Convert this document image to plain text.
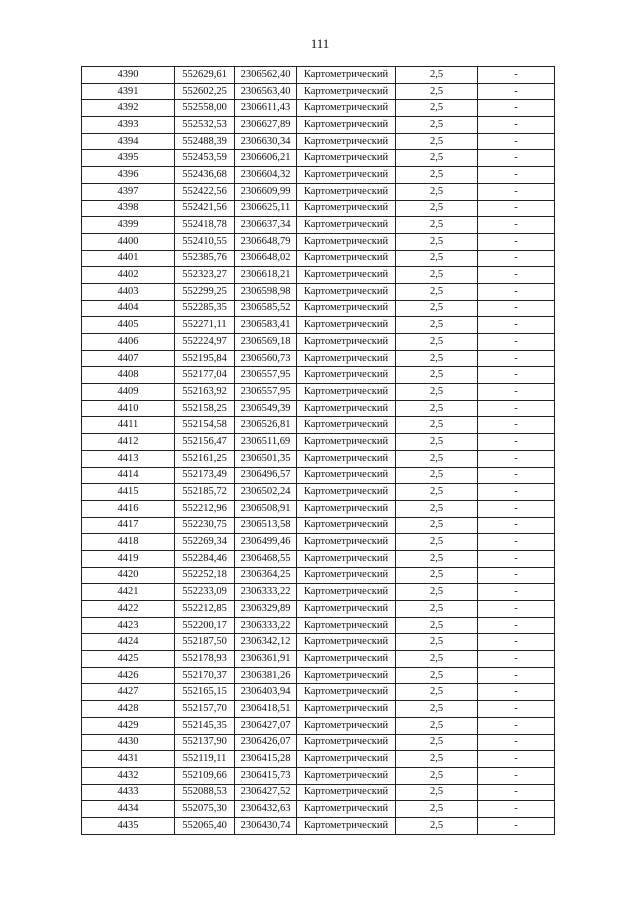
111
4390	552629,61	2306562,40	Картометрический	2,5	-
4391	552602,25	2306563,40	Картометрический	2,5	-
4392	552558,00	2306611,43	Картометрический	2,5	-
4393	552532,53	2306627,89	Картометрический	2,5	-
4394	552488,39	2306630,34	Картометрический	2,5	-
4395	552453,59	2306606,21	Картометрический	2,5	-
4396	552436,68	2306604,32	Картометрический	2,5	-
4397	552422,56	2306609,99	Картометрический	2,5	-
4398	552421,56	2306625,11	Картометрический	2,5	-
4399	552418,78	2306637,34	Картометрический	2,5	-
4400	552410,55	2306648,79	Картометрический	2,5	-
4401	552385,76	2306648,02	Картометрический	2,5	-
4402	552323,27	2306618,21	Картометрический	2,5	-
4403	552299,25	2306598,98	Картометрический	2,5	-
4404	552285,35	2306585,52	Картометрический	2,5	-
4405	552271,11	2306583,41	Картометрический	2,5	-
4406	552224,97	2306569,18	Картометрический	2,5	-
4407	552195,84	2306560,73	Картометрический	2,5	-
4408	552177,04	2306557,95	Картометрический	2,5	-
4409	552163,92	2306557,95	Картометрический	2,5	-
4410	552158,25	2306549,39	Картометрический	2,5	-
4411	552154,58	2306526,81	Картометрический	2,5	-
4412	552156,47	2306511,69	Картометрический	2,5	-
4413	552161,25	2306501,35	Картометрический	2,5	-
4414	552173,49	2306496,57	Картометрический	2,5	-
4415	552185,72	2306502,24	Картометрический	2,5	-
4416	552212,96	2306508,91	Картометрический	2,5	-
4417	552230,75	2306513,58	Картометрический	2,5	-
4418	552269,34	2306499,46	Картометрический	2,5	-
4419	552284,46	2306468,55	Картометрический	2,5	-
4420	552252,18	2306364,25	Картометрический	2,5	-
4421	552233,09	2306333,22	Картометрический	2,5	-
4422	552212,85	2306329,89	Картометрический	2,5	-
4423	552200,17	2306333,22	Картометрический	2,5	-
4424	552187,50	2306342,12	Картометрический	2,5	-
4425	552178,93	2306361,91	Картометрический	2,5	-
4426	552170,37	2306381,26	Картометрический	2,5	-
4427	552165,15	2306403,94	Картометрический	2,5	-
4428	552157,70	2306418,51	Картометрический	2,5	-
4429	552145,35	2306427,07	Картометрический	2,5	-
4430	552137,90	2306426,07	Картометрический	2,5	-
4431	552119,11	2306415,28	Картометрический	2,5	-
4432	552109,66	2306415,73	Картометрический	2,5	-
4433	552088,53	2306427,52	Картометрический	2,5	-
4434	552075,30	2306432,63	Картометрический	2,5	-
4435	552065,40	2306430,74	Картометрический	2,5	-
